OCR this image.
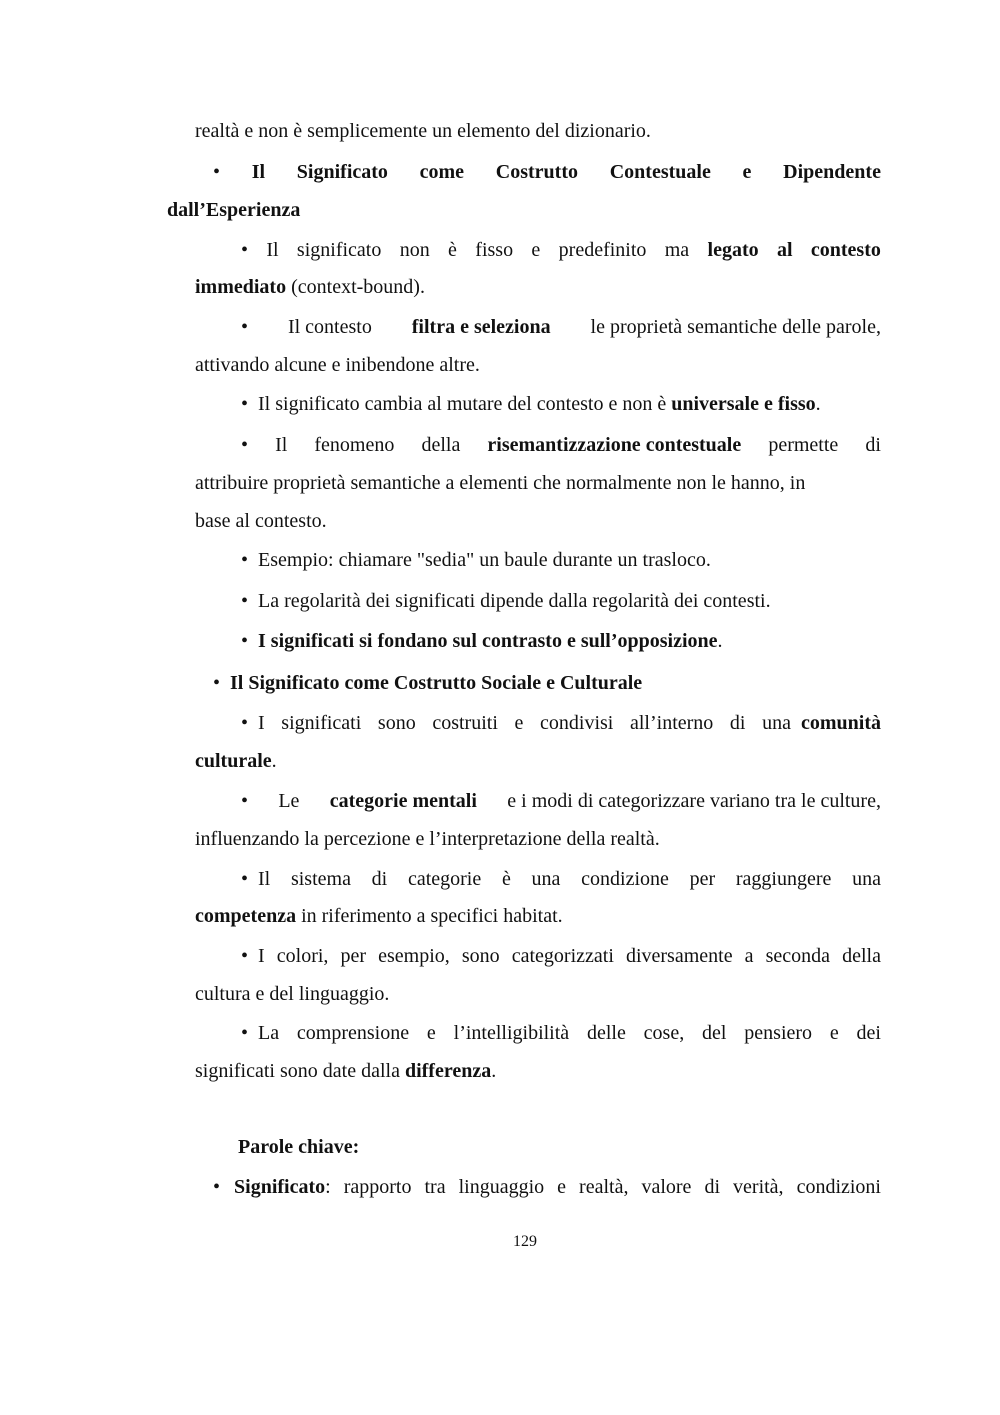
realtà e non è semplicemente un elemento del dizionario.
• Il Significato come Costrutto Contestuale e Dipendente
dall’Esperienza
• Il significato non è fisso e predefinito ma legato al contesto
immediato (context-bound).
• Il contesto filtra e seleziona le proprietà semantiche delle parole,
attivando alcune e inibendone altre.
• Il significato cambia al mutare del contesto e non è universale e fisso.
• Il fenomeno della risemantizzazione contestuale permette di
attribuire proprietà semantiche a elementi che normalmente non le hanno, in
base al contesto.
• Esempio: chiamare "sedia" un baule durante un trasloco.
• La regolarità dei significati dipende dalla regolarità dei contesti.
• I significati si fondano sul contrasto e sull’opposizione.
• Il Significato come Costrutto Sociale e Culturale
• I significati sono costruiti e condivisi all’interno di una comunità
culturale.
• Le categorie mentali e i modi di categorizzare variano tra le culture,
influenzando la percezione e l’interpretazione della realtà.
• Il sistema di categorie è una condizione per raggiungere una
competenza in riferimento a specifici habitat.
• I colori, per esempio, sono categorizzati diversamente a seconda della
cultura e del linguaggio.
• La comprensione e l’intelligibilità delle cose, del pensiero e dei
significati sono date dalla differenza.
Parole chiave:
• Significato: rapporto tra linguaggio e realtà, valore di verità, condizioni
129
